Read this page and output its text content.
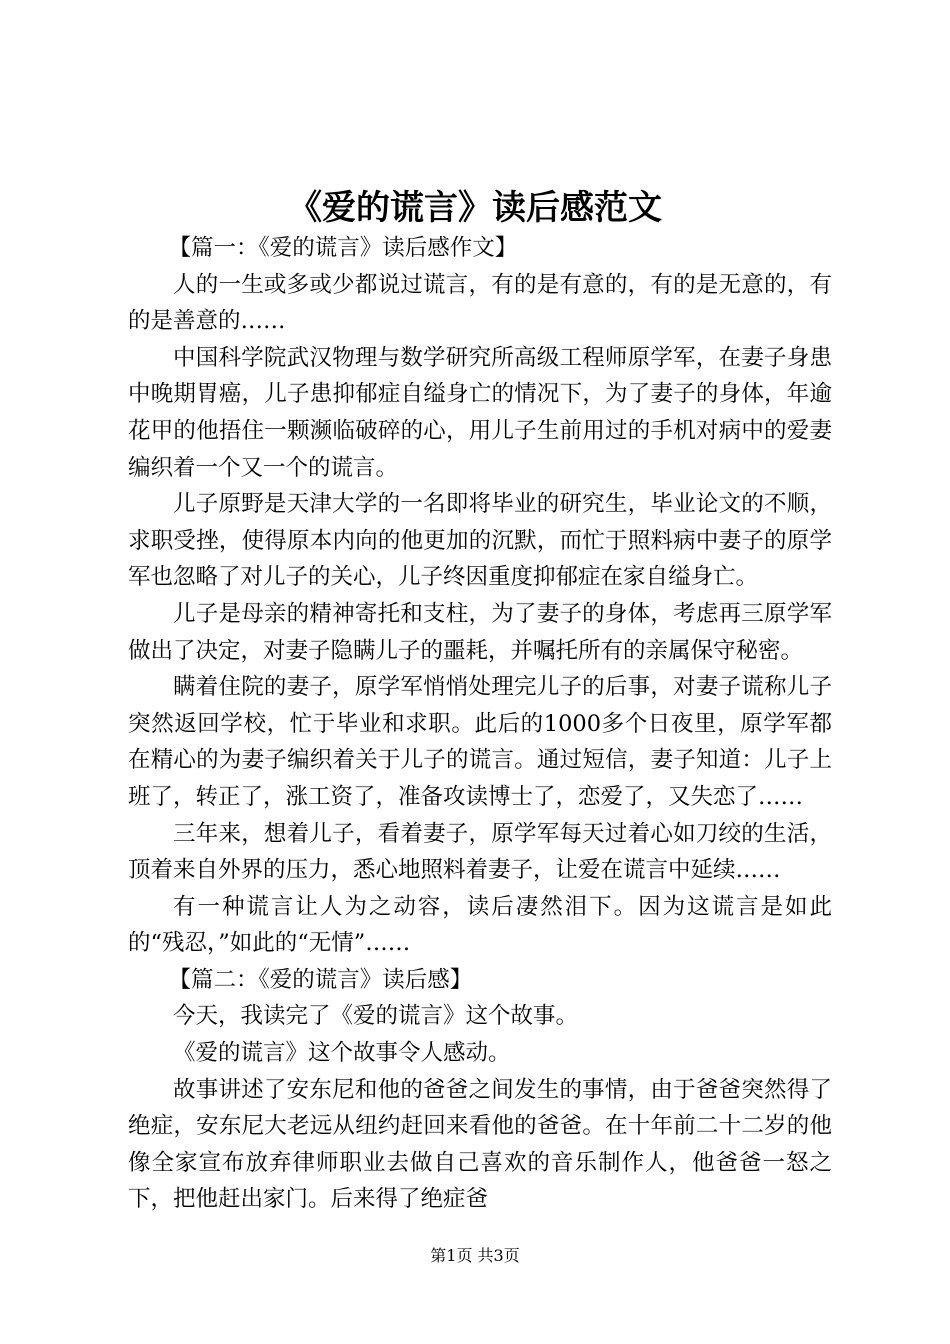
《爱的谎言》读后感范文

【篇一：《爱的谎言》读后感作文】

人的一生或多或少都说过谎言，有的是有意的，有的是无意的，有的是善意的……

中国科学院武汉物理与数学研究所高级工程师原学军，在妻子身患中晚期胃癌，儿子患抑郁症自缢身亡的情况下，为了妻子的身体，年逾花甲的他捂住一颗濒临破碎的心，用儿子生前用过的手机对病中的爱妻编织着一个又一个的谎言。

儿子原野是天津大学的一名即将毕业的研究生，毕业论文的不顺，求职受挫，使得原本内向的他更加的沉默，而忙于照料病中妻子的原学军也忽略了对儿子的关心，儿子终因重度抑郁症在家自缢身亡。

儿子是母亲的精神寄托和支柱，为了妻子的身体，考虑再三原学军做出了决定，对妻子隐瞒儿子的噩耗，并嘱托所有的亲属保守秘密。

瞒着住院的妻子，原学军悄悄处理完儿子的后事，对妻子谎称儿子突然返回学校，忙于毕业和求职。此后的1000多个日夜里，原学军都在精心的为妻子编织着关于儿子的谎言。通过短信，妻子知道：儿子上班了，转正了，涨工资了，准备攻读博士了，恋爱了，又失恋了……

三年来，想着儿子，看着妻子，原学军每天过着心如刀绞的生活，顶着来自外界的压力，悉心地照料着妻子，让爱在谎言中延续……

有一种谎言让人为之动容，读后凄然泪下。因为这谎言是如此的“残忍，”如此的“无情”……

【篇二：《爱的谎言》读后感】

今天，我读完了《爱的谎言》这个故事。

《爱的谎言》这个故事令人感动。

故事讲述了安东尼和他的爸爸之间发生的事情，由于爸爸突然得了绝症，安东尼大老远从纽约赶回来看他的爸爸。在十年前二十二岁的他像全家宣布放弃律师职业去做自己喜欢的音乐制作人，他爸爸一怒之下，把他赶出家门。后来得了绝症爸

第1页 共3页
